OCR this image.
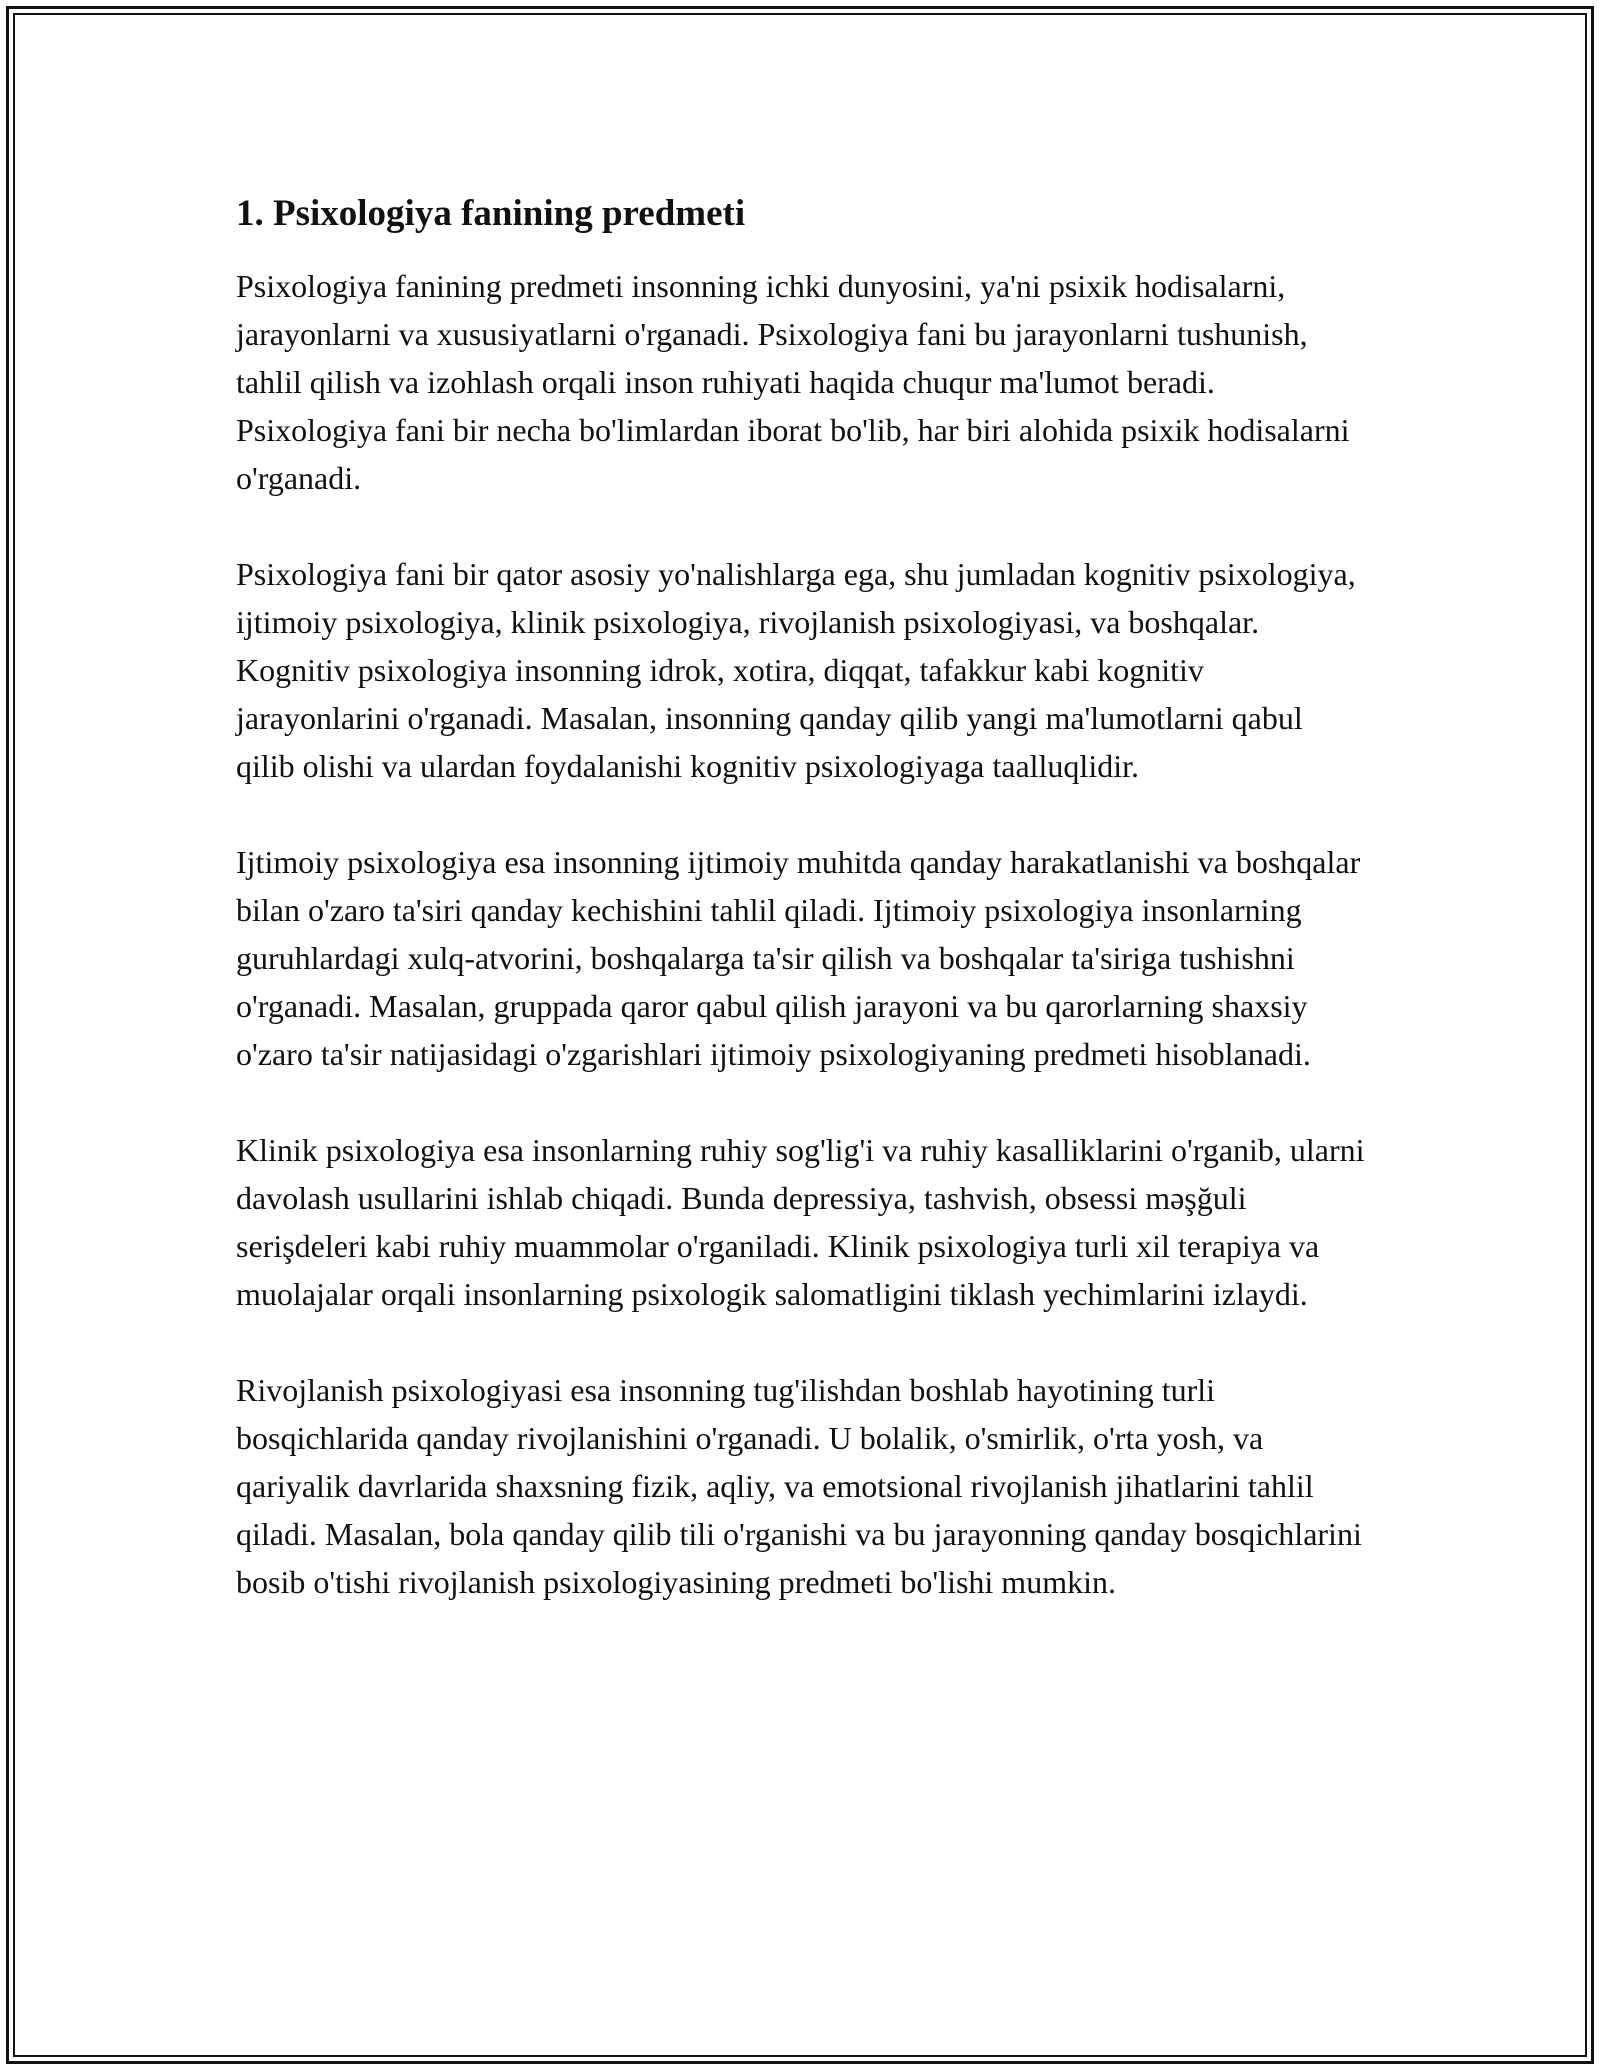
1. Psixologiya fanining predmeti

Psixologiya fanining predmeti insonning ichki dunyosini, ya'ni psixik hodisalarni, jarayonlarni va xususiyatlarni o'rganadi. Psixologiya fani bu jarayonlarni tushunish, tahlil qilish va izohlash orqali inson ruhiyati haqida chuqur ma'lumot beradi. Psixologiya fani bir necha bo'limlardan iborat bo'lib, har biri alohida psixik hodisalarni o'rganadi.

Psixologiya fani bir qator asosiy yo'nalishlarga ega, shu jumladan kognitiv psixologiya, ijtimoiy psixologiya, klinik psixologiya, rivojlanish psixologiyasi, va boshqalar. Kognitiv psixologiya insonning idrok, xotira, diqqat, tafakkur kabi kognitiv jarayonlarini o'rganadi. Masalan, insonning qanday qilib yangi ma'lumotlarni qabul qilib olishi va ulardan foydalanishi kognitiv psixologiyaga taalluqlidir.

Ijtimoiy psixologiya esa insonning ijtimoiy muhitda qanday harakatlanishi va boshqalar bilan o'zaro ta'siri qanday kechishini tahlil qiladi. Ijtimoiy psixologiya insonlarning guruhlardagi xulq-atvorini, boshqalarga ta'sir qilish va boshqalar ta'siriga tushishni o'rganadi. Masalan, gruppada qaror qabul qilish jarayoni va bu qarorlarning shaxsiy o'zaro ta'sir natijasidagi o'zgarishlari ijtimoiy psixologiyaning predmeti hisoblanadi.

Klinik psixologiya esa insonlarning ruhiy sog'lig'i va ruhiy kasalliklarini o'rganib, ularni davolash usullarini ishlab chiqadi. Bunda depressiya, tashvish, obsessi məşğuli serişdeleri kabi ruhiy muammolar o'rganiladi. Klinik psixologiya turli xil terapiya va muolajalar orqali insonlarning psixologik salomatligini tiklash yechimlarini izlaydi.

Rivojlanish psixologiyasi esa insonning tug'ilishdan boshlab hayotining turli bosqichlarida qanday rivojlanishini o'rganadi. U bolalik, o'smirlik, o'rta yosh, va qariyalik davrlarida shaxsning fizik, aqliy, va emotsional rivojlanish jihatlarini tahlil qiladi. Masalan, bola qanday qilib tili o'rganishi va bu jarayonning qanday bosqichlarini bosib o'tishi rivojlanish psixologiyasining predmeti bo'lishi mumkin.
